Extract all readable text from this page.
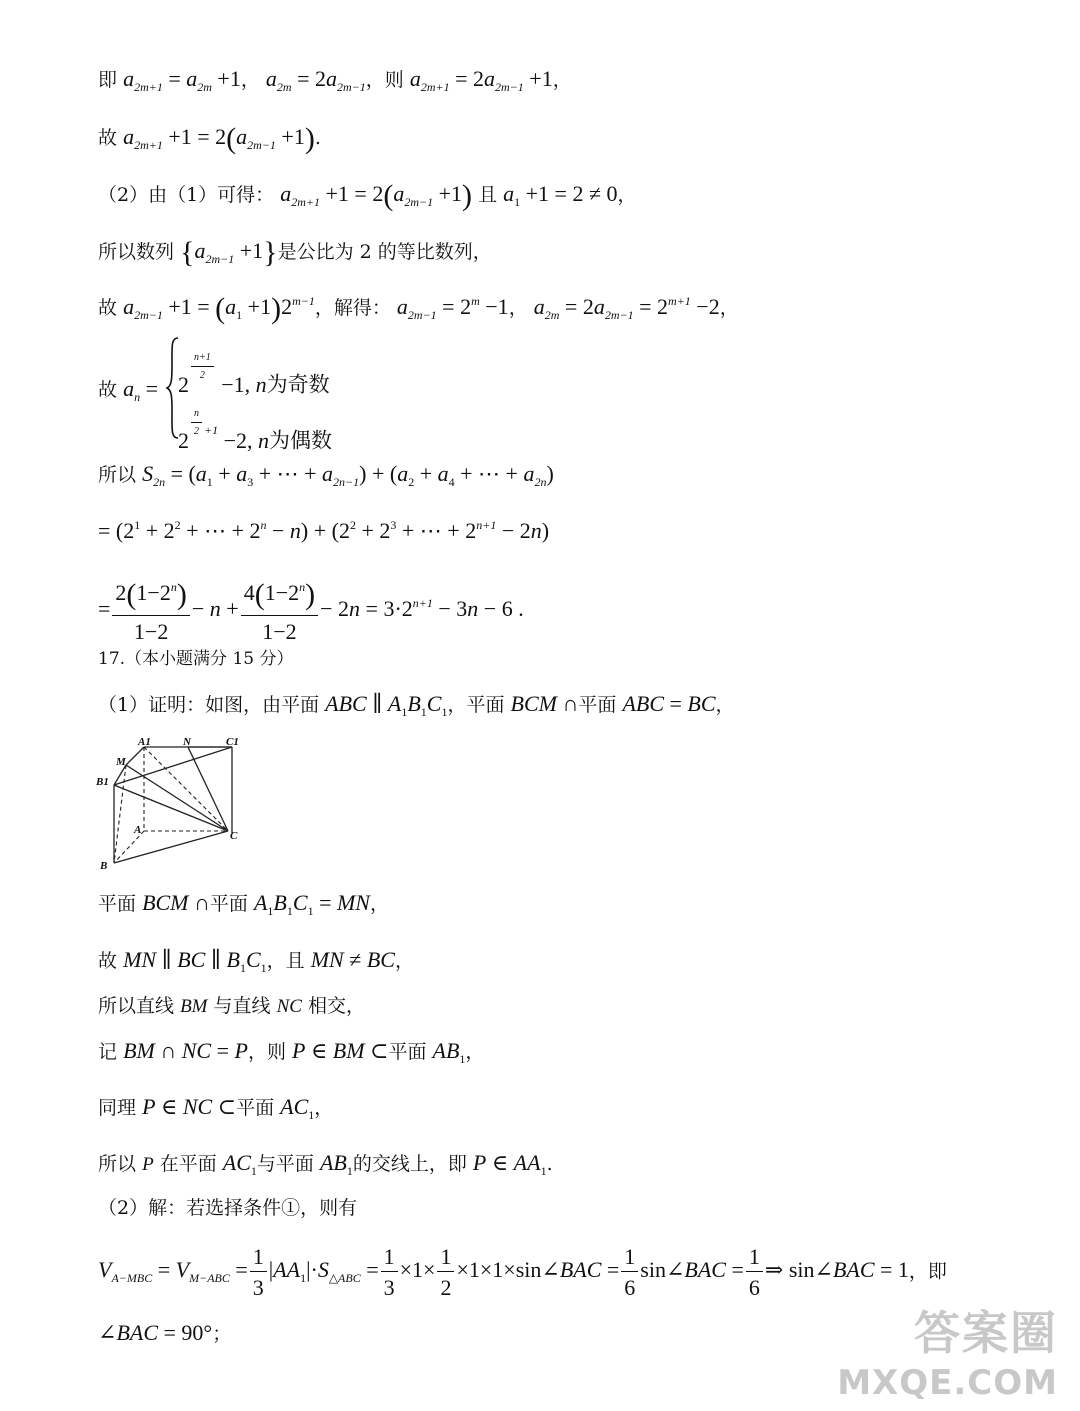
即 $a_{2m+1} = a_{2m} +1$， $a_{2m} = 2a_{2m-1}$，则 $a_{2m+1} = 2a_{2m-1} +1$，
故 $a_{2m+1} +1 = 2(a_{2m-1} +1)$.
（2）由（1）可得： $a_{2m+1} +1 = 2(a_{2m-1} +1)$ 且 $a_1 +1 = 2 \ne 0$，
所以数列 $\{a_{2m-1} +1\}$是公比为 2 的等比数列，
故 $a_{2m-1} +1 = (a_1 +1)2^{m-1}$，解得： $a_{2m-1} = 2^m -1$， $a_{2m} = 2a_{2m-1} = 2^{m+1} -2$，
故 $a_n = 2$
$^{\frac{n+1}{2}}$
−1, n为奇数
2
$^{\frac{n}{2} +1}$ −2, n为偶数
所以 $S_{2n} = (a_1 + a_3$ + ⋯ + $a_{2n-1}) + (a_2 + a_4$ + ⋯ + $a_{2n}$)
= ($2^1 + 2^2$ + ⋯ + $2^n - n) + (2^2 + 2^3$ + ⋯ + $2^{n+1} - 2n$)
= $\frac{2(1-2^n)}{1-2} - n + \frac{4(1-2^n)}{1-2} - 2n = 3\cdot 2^{n+1} - 3n - 6$ .
17.（本小题满分 15 分）
（1）证明：如图，由平面 ABC ∥ $A_1B_1C_1$，平面 BCM ∩平面 ABC = BC，
A1	N	C1
M
B1
A	C
B
平面 BCM ∩平面 $A_1B_1C_1$ = MN，
故 MN ∥ BC ∥ $B_1C_1$，且 MN ≠ BC，
所以直线 BM 与直线 NC 相交，
记 BM ∩ NC = P，则 P ∈ BM ⊂平面 $AB_1$，
同理 P ∈ NC ⊂平面 $AC_1$，
所以 P 在平面 $AC_1$与平面 $AB_1$的交线上，即 P ∈ $AA_1$.
（2）解：若选择条件①，则有
$V_{A-MBC} = V_{M-ABC} = \frac{1}{3} |AA_1|\cdot S_{\triangle ABC} = \frac{1}{3} \times 1\times \frac{1}{2}$ ×1×1×sin∠BAC = $\frac{1}{6}$ sin∠BAC = $\frac{1}{6}$ ⇒ sin∠BAC = 1，即
∠BAC = 90°；	答案圈
MXQE.COM
